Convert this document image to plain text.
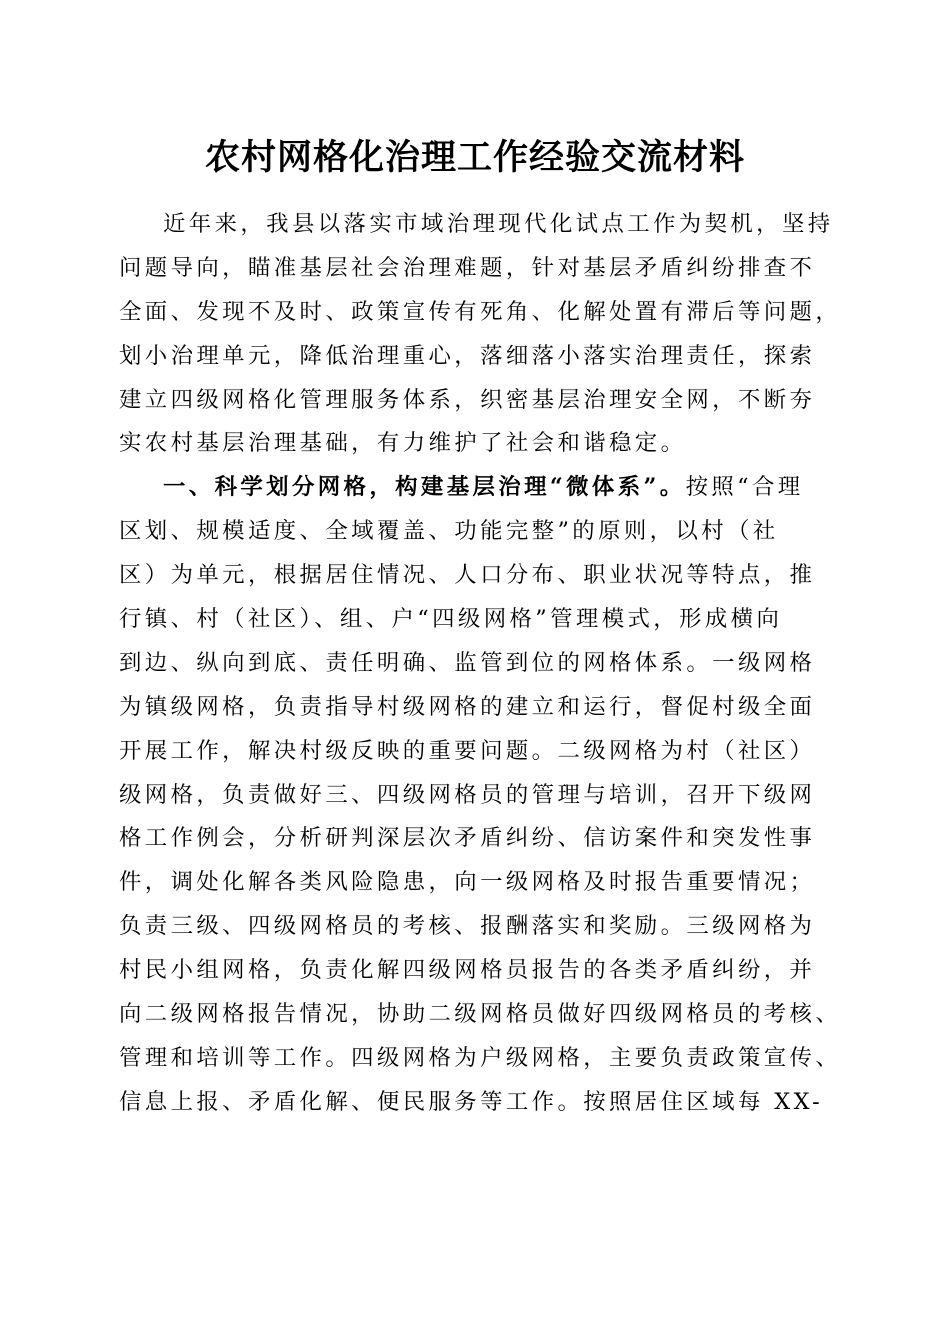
农村网格化治理工作经验交流材料
近年来，我县以落实市域治理现代化试点工作为契机，坚持
问题导向，瞄准基层社会治理难题，针对基层矛盾纠纷排查不
全面、发现不及时、政策宣传有死角、化解处置有滞后等问题，
划小治理单元，降低治理重心，落细落小落实治理责任，探索
建立四级网格化管理服务体系，织密基层治理安全网，不断夯
实农村基层治理基础，有力维护了社会和谐稳定。
一、科学划分网格，构建基层治理“微体系”。按照“合理
区划、规模适度、全域覆盖、功能完整”的原则，以村（社
区）为单元，根据居住情况、人口分布、职业状况等特点，推
行镇、村（社区）、组、户“四级网格”管理模式，形成横向
到边、纵向到底、责任明确、监管到位的网格体系。一级网格
为镇级网格，负责指导村级网格的建立和运行，督促村级全面
开展工作，解决村级反映的重要问题。二级网格为村（社区）
级网格，负责做好三、四级网格员的管理与培训，召开下级网
格工作例会，分析研判深层次矛盾纠纷、信访案件和突发性事
件，调处化解各类风险隐患，向一级网格及时报告重要情况；
负责三级、四级网格员的考核、报酬落实和奖励。三级网格为
村民小组网格，负责化解四级网格员报告的各类矛盾纠纷，并
向二级网格报告情况，协助二级网格员做好四级网格员的考核、
管理和培训等工作。四级网格为户级网格，主要负责政策宣传、
信息上报、矛盾化解、便民服务等工作。按照居住区域每 XX-
